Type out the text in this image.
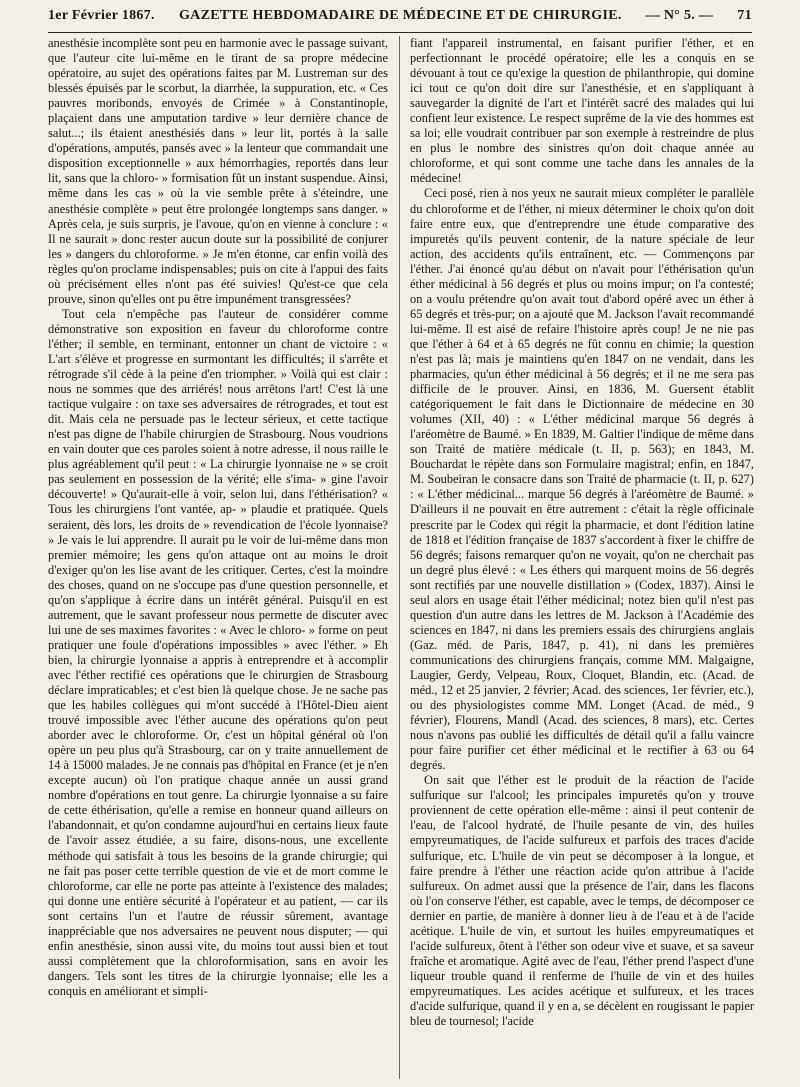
1er Février 1867. GAZETTE HEBDOMADAIRE DE MÉDECINE ET DE CHIRURGIE. — N° 5. — 71

anesthésie incomplète sont peu en harmonie avec le passage suivant, que l'auteur cite lui-même en le tirant de sa propre médecine opératoire, au sujet des opérations faites par M. Lustreman sur des blessés épuisés par le scorbut, la diarrhée, la suppuration, etc. « Ces pauvres moribonds, envoyés de Crimée » à Constantinople, plaçaient dans une amputation tardive » leur dernière chance de salut...; ils étaient anesthésiés dans » leur lit, portés à la salle d'opérations, amputés, pansés avec » la lenteur que commandait une disposition exceptionnelle » aux hémorrhagies, reportés dans leur lit, sans que la chloro- » formisation fût un instant suspendue. Ainsi, même dans les cas » où la vie semble prête à s'éteindre, une anesthésie complète » peut être prolongée longtemps sans danger. » Après cela, je suis surpris, je l'avoue, qu'on en vienne à conclure : « Il ne saurait » donc rester aucun doute sur la possibilité de conjurer les » dangers du chloroforme. » Je m'en étonne, car enfin voilà des règles qu'on proclame indispensables; puis on cite à l'appui des faits où précisément elles n'ont pas été suivies! Qu'est-ce que cela prouve, sinon qu'elles ont pu être impunément transgressées?

Tout cela n'empêche pas l'auteur de considérer comme démonstrative son exposition en faveur du chloroforme contre l'éther; il semble, en terminant, entonner un chant de victoire : « L'art s'élève et progresse en surmontant les difficultés; il s'arrête et rétrograde s'il cède à la peine d'en triompher. » Voilà qui est clair : nous ne sommes que des arriérés! nous arrêtons l'art! C'est là une tactique vulgaire : on taxe ses adversaires de rétrogrades, et tout est dit. Mais cela ne persuade pas le lecteur sérieux, et cette tactique n'est pas digne de l'habile chirurgien de Strasbourg. Nous voudrions en vain douter que ces paroles soient à notre adresse, il nous raille le plus agréablement qu'il peut : « La chirurgie lyonnaise ne » se croit pas seulement en possession de la vérité; elle s'ima- » gine l'avoir découverte! » Qu'aurait-elle à voir, selon lui, dans l'éthérisation? « Tous les chirurgiens l'ont vantée, ap- » plaudie et pratiquée. Quels seraient, dès lors, les droits de » revendication de l'école lyonnaise? » Je vais le lui apprendre. Il aurait pu le voir de lui-même dans mon premier mémoire; les gens qu'on attaque ont au moins le droit d'exiger qu'on les lise avant de les critiquer. Certes, c'est la moindre des choses, quand on ne s'occupe pas d'une question personnelle, et qu'on s'applique à écrire dans un intérêt général. Puisqu'il en est autrement, que le savant professeur nous permette de discuter avec lui une de ses maximes favorites : « Avec le chloro- » forme on peut pratiquer une foule d'opérations impossibles » avec l'éther. » Eh bien, la chirurgie lyonnaise a appris à entreprendre et à accomplir avec l'éther rectifié ces opérations que le chirurgien de Strasbourg déclare impraticables; et c'est bien là quelque chose. Je ne sache pas que les habiles collègues qui m'ont succédé à l'Hôtel-Dieu aient trouvé impossible avec l'éther aucune des opérations qu'on peut aborder avec le chloroforme. Or, c'est un hôpital général où l'on opère un peu plus qu'à Strasbourg, car on y traite annuellement de 14 à 15000 malades. Je ne connais pas d'hôpital en France (et je n'en excepte aucun) où l'on pratique chaque année un aussi grand nombre d'opérations en tout genre. La chirurgie lyonnaise a su faire de cette éthérisation, qu'elle a remise en honneur quand ailleurs on l'abandonnait, et qu'on condamne aujourd'hui en certains lieux faute de l'avoir assez étudiée, a su faire, disons-nous, une excellente méthode qui satisfait à tous les besoins de la grande chirurgie; qui ne fait pas poser cette terrible question de vie et de mort comme le chloroforme, car elle ne porte pas atteinte à l'existence des malades; qui donne une entière sécurité à l'opérateur et au patient, — car ils sont certains l'un et l'autre de réussir sûrement, avantage inappréciable que nos adversaires ne peuvent nous disputer; — qui enfin anesthésie, sinon aussi vite, du moins tout aussi bien et tout aussi complètement que la chloroformisation, sans en avoir les dangers. Tels sont les titres de la chirurgie lyonnaise; elle les a conquis en améliorant et simpli-

fiant l'appareil instrumental, en faisant purifier l'éther, et en perfectionnant le procédé opératoire; elle les a conquis en se dévouant à tout ce qu'exige la question de philanthropie, qui domine ici tout ce qu'on doit dire sur l'anesthésie, et en s'appliquant à sauvegarder la dignité de l'art et l'intérêt sacré des malades qui lui confient leur existence. Le respect suprême de la vie des hommes est sa loi; elle voudrait contribuer par son exemple à restreindre de plus en plus le nombre des sinistres qu'on doit chaque année au chloroforme, et qui sont comme une tache dans les annales de la médecine!

Ceci posé, rien à nos yeux ne saurait mieux compléter le parallèle du chloroforme et de l'éther, ni mieux déterminer le choix qu'on doit faire entre eux, que d'entreprendre une étude comparative des impuretés qu'ils peuvent contenir, de la nature spéciale de leur action, des accidents qu'ils entraînent, etc. — Commençons par l'éther. J'ai énoncé qu'au début on n'avait pour l'éthérisation qu'un éther médicinal à 56 degrés et plus ou moins impur; on l'a contesté; on a voulu prétendre qu'on avait tout d'abord opéré avec un éther à 65 degrés et très-pur; on a ajouté que M. Jackson l'avait recommandé lui-même. Il est aisé de refaire l'histoire après coup! Je ne nie pas que l'éther à 64 et à 65 degrés ne fût connu en chimie; la question n'est pas là; mais je maintiens qu'en 1847 on ne vendait, dans les pharmacies, qu'un éther médicinal à 56 degrés; et il ne me sera pas difficile de le prouver. Ainsi, en 1836, M. Guersent établit catégoriquement le fait dans le Dictionnaire de médecine en 30 volumes (XII, 40) : « L'éther médicinal marque 56 degrés à l'aréomètre de Baumé. » En 1839, M. Galtier l'indique de même dans son Traité de matière médicale (t. II, p. 563); en 1843, M. Bouchardat le répète dans son Formulaire magistral; enfin, en 1847, M. Soubeiran le consacre dans son Traité de pharmacie (t. II, p. 627) : « L'éther médicinal... marque 56 degrés à l'aréomètre de Baumé. » D'ailleurs il ne pouvait en être autrement : c'était la règle officinale prescrite par le Codex qui régit la pharmacie, et dont l'édition latine de 1818 et l'édition française de 1837 s'accordent à fixer le chiffre de 56 degrés; faisons remarquer qu'on ne voyait, qu'on ne cherchait pas un degré plus élevé : « Les éthers qui marquent moins de 56 degrés sont rectifiés par une nouvelle distillation » (Codex, 1837). Ainsi le seul alors en usage était l'éther médicinal; notez bien qu'il n'est pas question d'un autre dans les lettres de M. Jackson à l'Académie des sciences en 1847, ni dans les premiers essais des chirurgiens anglais (Gaz. méd. de Paris, 1847, p. 41), ni dans les premières communications des chirurgiens français, comme MM. Malgaigne, Laugier, Gerdy, Velpeau, Roux, Cloquet, Blandin, etc. (Acad. de méd., 12 et 25 janvier, 2 février; Acad. des sciences, 1er février, etc.), ou des physiologistes comme MM. Longet (Acad. de méd., 9 février), Flourens, Mandl (Acad. des sciences, 8 mars), etc. Certes nous n'avons pas oublié les difficultés de détail qu'il a fallu vaincre pour faire purifier cet éther médicinal et le rectifier à 63 ou 64 degrés.

On sait que l'éther est le produit de la réaction de l'acide sulfurique sur l'alcool; les principales impuretés qu'on y trouve proviennent de cette opération elle-même : ainsi il peut contenir de l'eau, de l'alcool hydraté, de l'huile pesante de vin, des huiles empyreumatiques, de l'acide sulfureux et parfois des traces d'acide sulfurique, etc. L'huile de vin peut se décomposer à la longue, et faire prendre à l'éther une réaction acide qu'on attribue à l'acide sulfureux. On admet aussi que la présence de l'air, dans les flacons où l'on conserve l'éther, est capable, avec le temps, de décomposer ce dernier en partie, de manière à donner lieu à de l'eau et à de l'acide acétique. L'huile de vin, et surtout les huiles empyreumatiques et l'acide sulfureux, ôtent à l'éther son odeur vive et suave, et sa saveur fraîche et aromatique. Agité avec de l'eau, l'éther prend l'aspect d'une liqueur trouble quand il renferme de l'huile de vin et des huiles empyreumatiques. Les acides acétique et sulfureux, et les traces d'acide sulfurique, quand il y en a, se décèlent en rougissant le papier bleu de tournesol; l'acide
